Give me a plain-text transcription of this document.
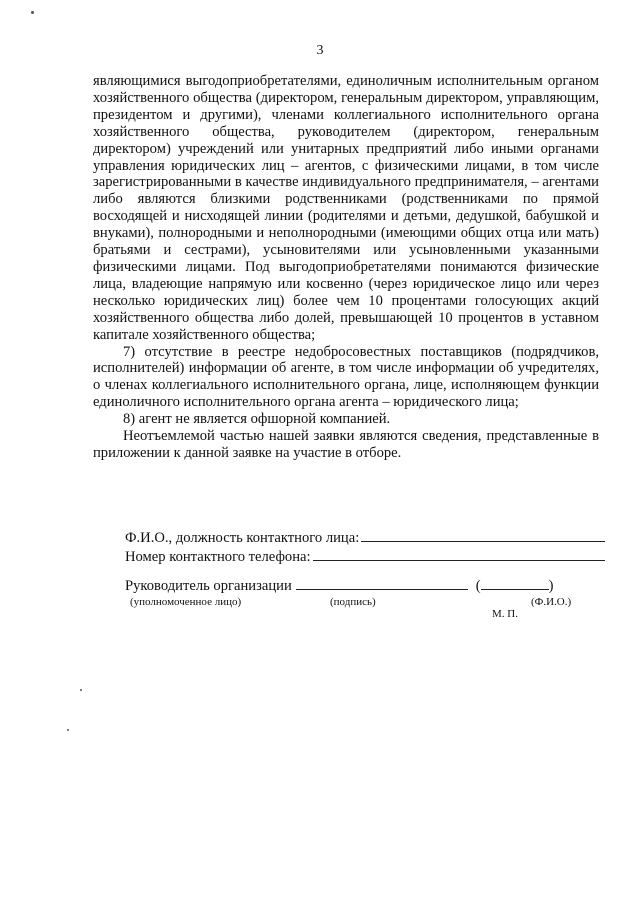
3

являющимися выгодоприобретателями, единоличным исполнительным органом хозяйственного общества (директором, генеральным директором, управляющим, президентом и другими), членами коллегиального исполнительного органа хозяйственного общества, руководителем (директором, генеральным директором) учреждений или унитарных предприятий либо иными органами управления юридических лиц – агентов, с физическими лицами, в том числе зарегистрированными в качестве индивидуального предпринимателя, – агентами либо являются близкими родственниками (родственниками по прямой восходящей и нисходящей линии (родителями и детьми, дедушкой, бабушкой и внуками), полнородными и неполнородными (имеющими общих отца или мать) братьями и сестрами), усыновителями или усыновленными указанными физическими лицами. Под выгодоприобретателями понимаются физические лица, владеющие напрямую или косвенно (через юридическое лицо или через несколько юридических лиц) более чем 10 процентами голосующих акций хозяйственного общества либо долей, превышающей 10 процентов в уставном капитале хозяйственного общества;

7) отсутствие в реестре недобросовестных поставщиков (подрядчиков, исполнителей) информации об агенте, в том числе информации об учредителях, о членах коллегиального исполнительного органа, лице, исполняющем функции единоличного исполнительного органа агента – юридического лица;

8) агент не является офшорной компанией.

Неотъемлемой частью нашей заявки являются сведения, представленные в приложении к данной заявке на участие в отборе.

Ф.И.О., должность контактного лица:
Номер контактного телефона:
Руководитель организации	(	)
(уполномоченное лицо)	(подпись)	(Ф.И.О.)
М. П.
